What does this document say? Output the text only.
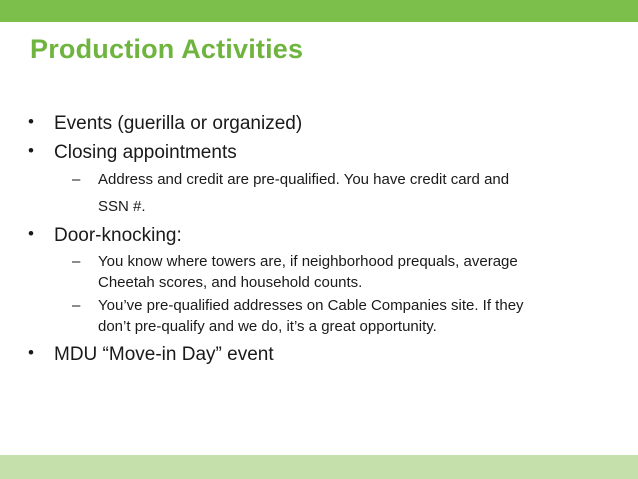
Production Activities
• Events (guerilla or organized)
• Closing appointments
– Address and credit are pre-qualified. You have credit card and
SSN #.
• Door-knocking:
– You know where towers are, if neighborhood prequals, average
Cheetah scores, and household counts.
– You’ve pre-qualified addresses on Cable Companies site. If they
don’t pre-qualify and we do, it’s a great opportunity.
• MDU “Move-in Day” event
